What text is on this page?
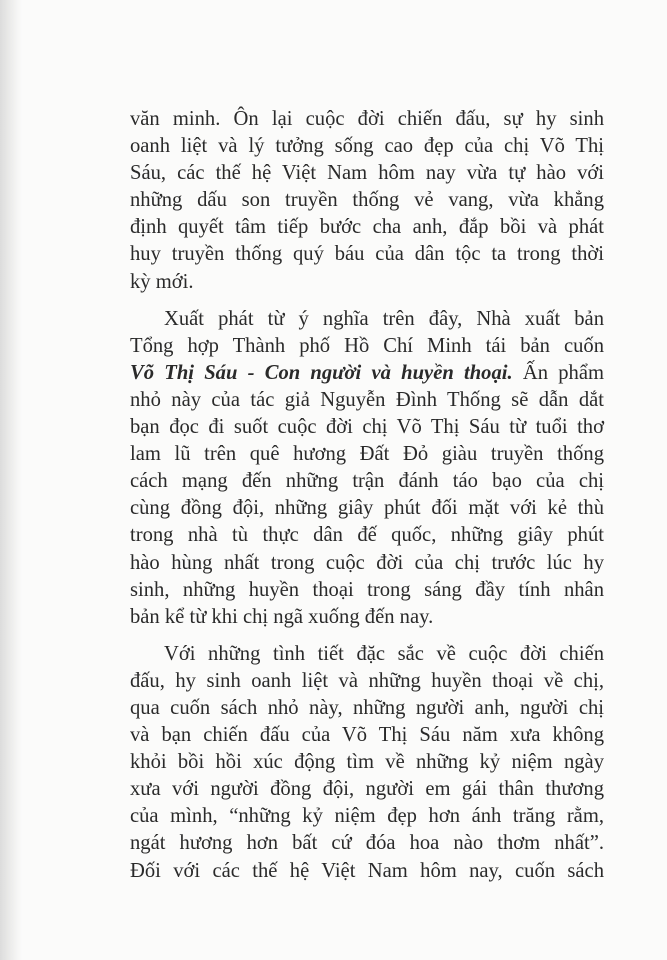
văn minh. Ôn lại cuộc đời chiến đấu, sự hy sinh
oanh liệt và lý tưởng sống cao đẹp của chị Võ Thị
Sáu, các thế hệ Việt Nam hôm nay vừa tự hào với
những dấu son truyền thống vẻ vang, vừa khẳng
định quyết tâm tiếp bước cha anh, đắp bồi và phát
huy truyền thống quý báu của dân tộc ta trong thời
kỳ mới.

Xuất phát từ ý nghĩa trên đây, Nhà xuất bản
Tổng hợp Thành phố Hồ Chí Minh tái bản cuốn
Võ Thị Sáu - Con người và huyền thoại. Ấn phẩm
nhỏ này của tác giả Nguyễn Đình Thống sẽ dẫn dắt
bạn đọc đi suốt cuộc đời chị Võ Thị Sáu từ tuổi thơ
lam lũ trên quê hương Đất Đỏ giàu truyền thống
cách mạng đến những trận đánh táo bạo của chị
cùng đồng đội, những giây phút đối mặt với kẻ thù
trong nhà tù thực dân đế quốc, những giây phút
hào hùng nhất trong cuộc đời của chị trước lúc hy
sinh, những huyền thoại trong sáng đầy tính nhân
bản kể từ khi chị ngã xuống đến nay.

Với những tình tiết đặc sắc về cuộc đời chiến
đấu, hy sinh oanh liệt và những huyền thoại về chị,
qua cuốn sách nhỏ này, những người anh, người chị
và bạn chiến đấu của Võ Thị Sáu năm xưa không
khỏi bồi hồi xúc động tìm về những kỷ niệm ngày
xưa với người đồng đội, người em gái thân thương
của mình, “những kỷ niệm đẹp hơn ánh trăng rằm,
ngát hương hơn bất cứ đóa hoa nào thơm nhất”.
Đối với các thế hệ Việt Nam hôm nay, cuốn sách
